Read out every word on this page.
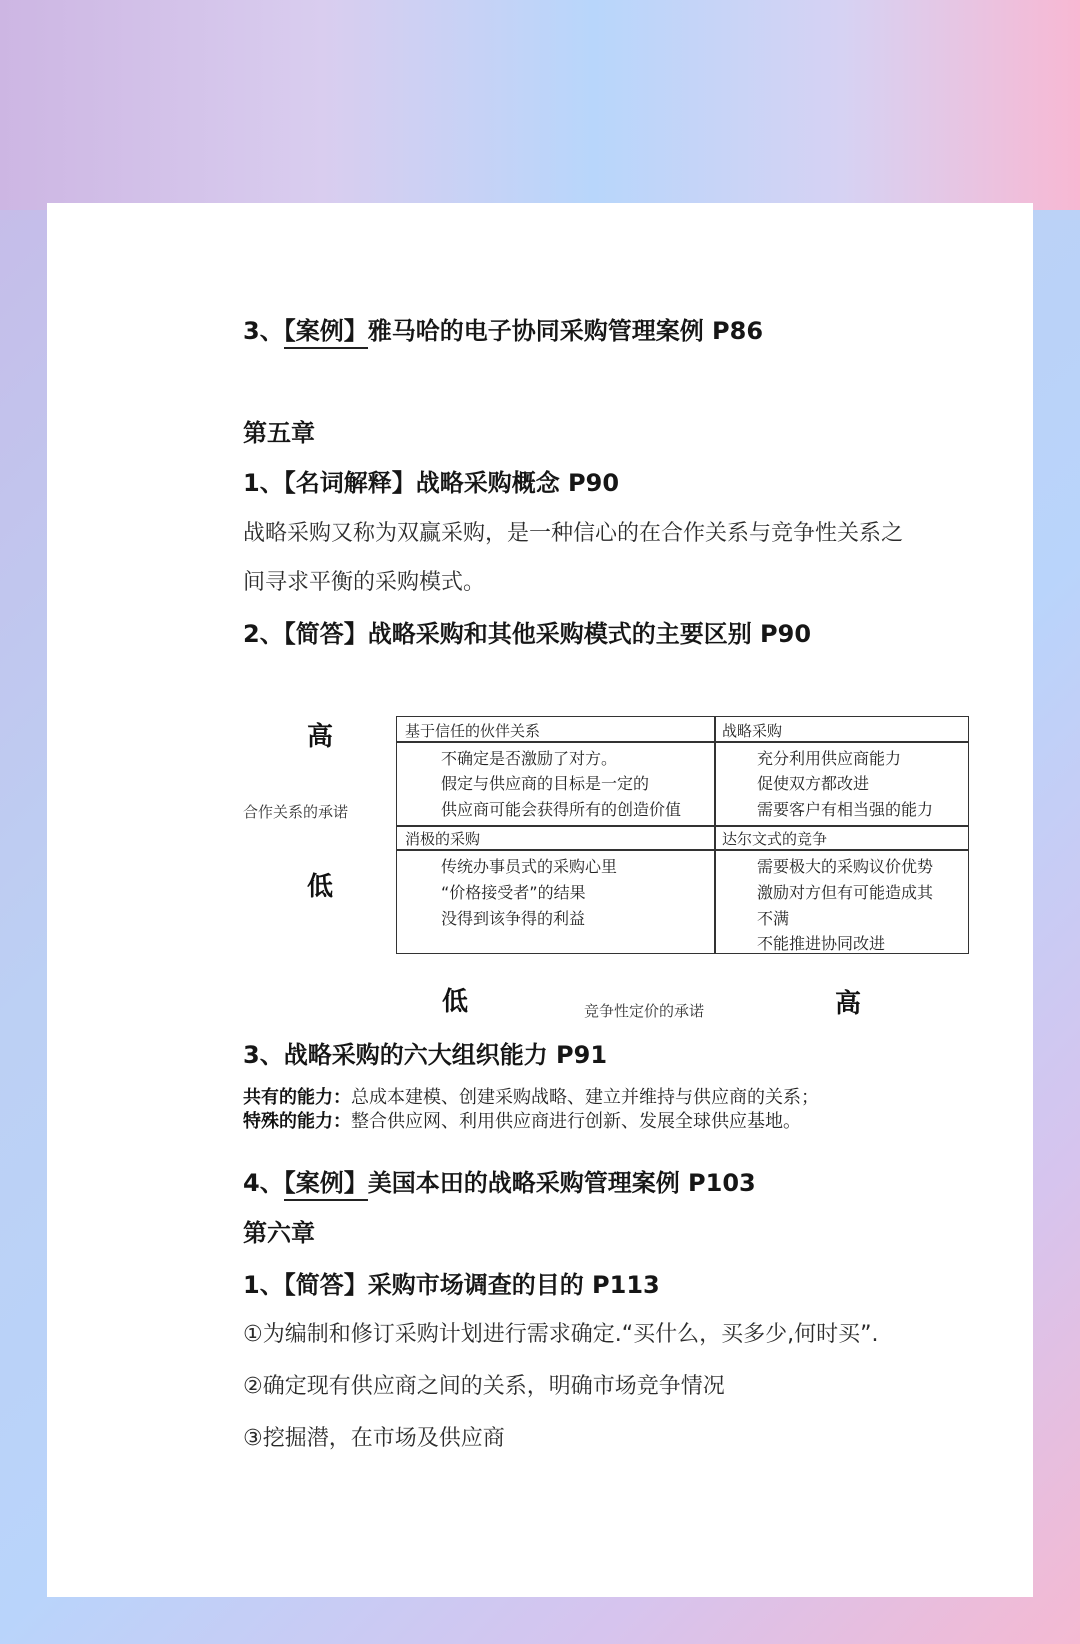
3、【案例】雅马哈的电子协同采购管理案例 P86
第五章
1、【名词解释】战略采购概念 P90
战略采购又称为双赢采购，是一种信心的在合作关系与竞争性关系之
间寻求平衡的采购模式。
2、【简答】战略采购和其他采购模式的主要区别 P90
高
合作关系的承诺
低
基于信任的伙伴关系
不确定是否激励了对方。
假定与供应商的目标是一定的
供应商可能会获得所有的创造价值
战略采购
充分利用供应商能力
促使双方都改进
需要客户有相当强的能力
消极的采购
传统办事员式的采购心里
“价格接受者”的结果
没得到该争得的利益
达尔文式的竞争
需要极大的采购议价优势
激励对方但有可能造成其
不满
不能推进协同改进
低	竞争性定价的承诺	高
3、战略采购的六大组织能力 P91
共有的能力：总成本建模、创建采购战略、建立并维持与供应商的关系；
特殊的能力：整合供应网、利用供应商进行创新、发展全球供应基地。
4、【案例】美国本田的战略采购管理案例 P103
第六章
1、【简答】采购市场调查的目的 P113
①为编制和修订采购计划进行需求确定.“买什么，买多少,何时买”.
②确定现有供应商之间的关系，明确市场竞争情况
③挖掘潜，在市场及供应商
